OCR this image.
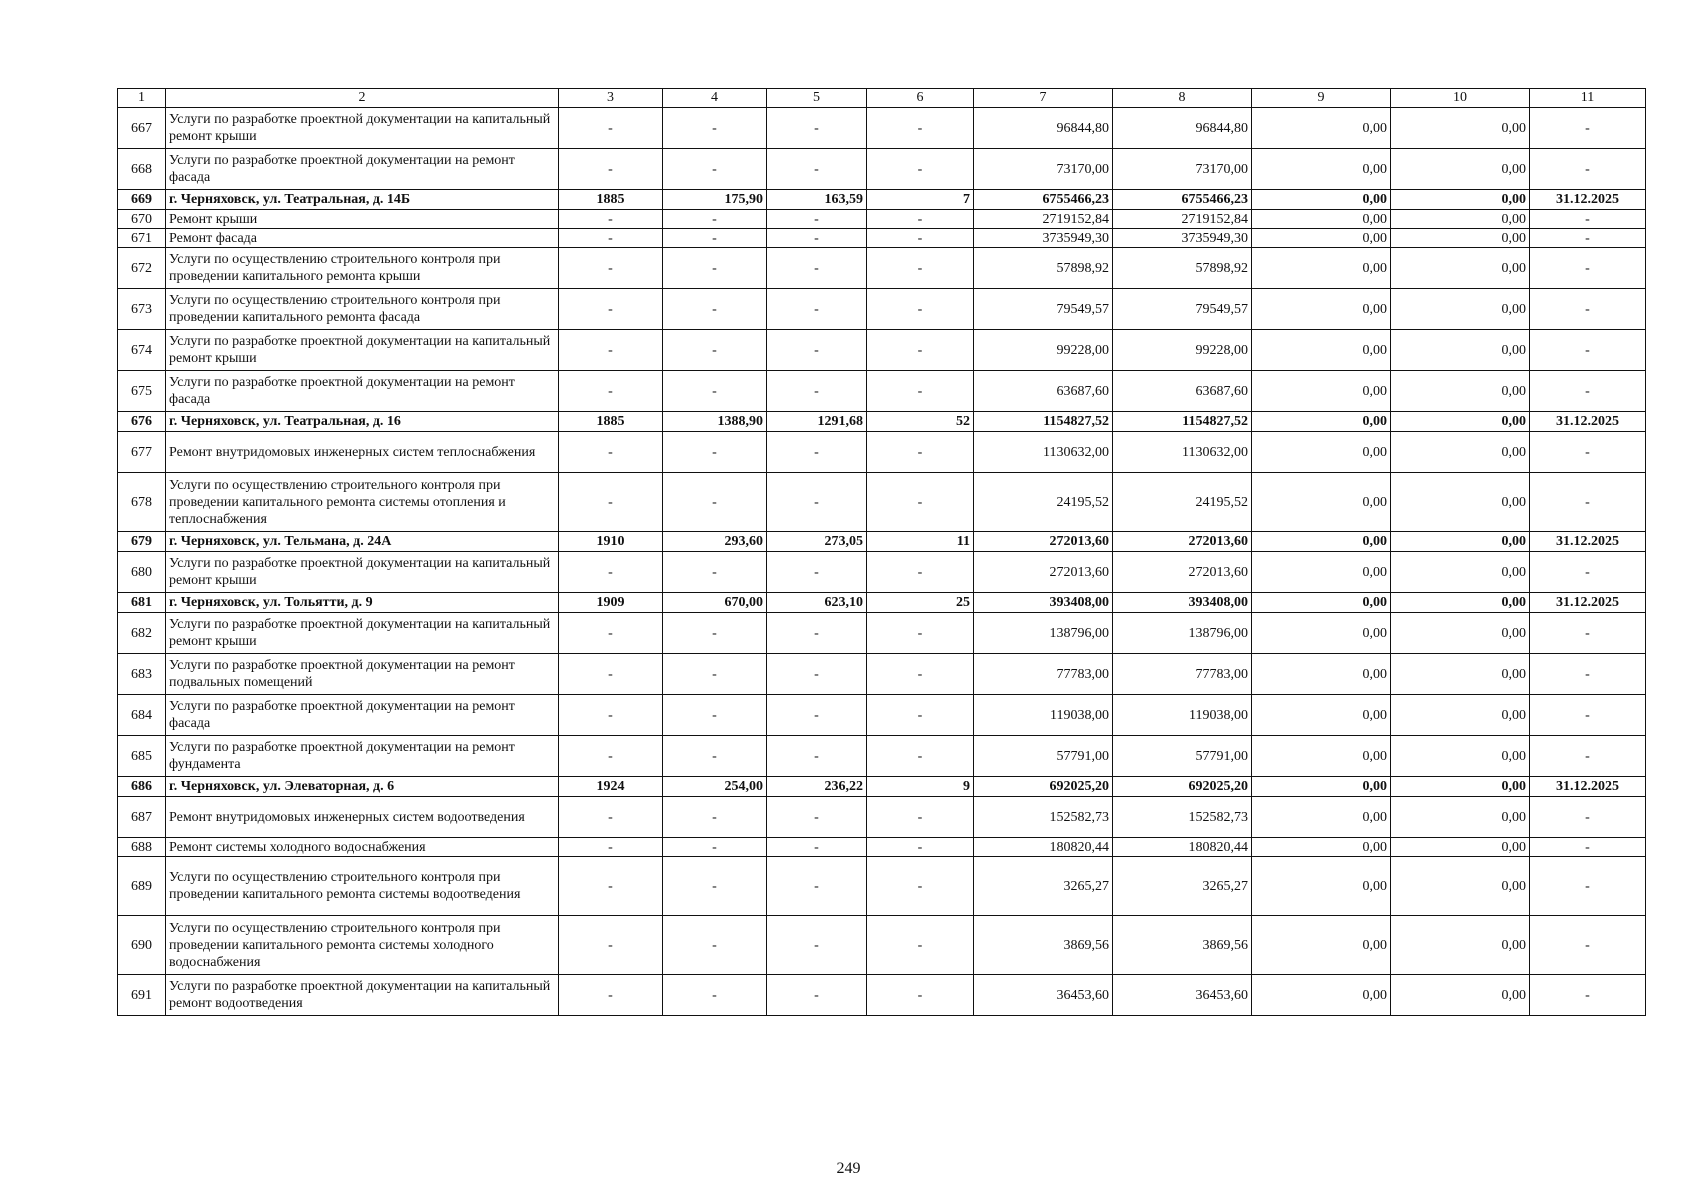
1	2	3	4	5	6	7	8	9	10	11
667	Услуги по разработке проектной документации на капитальный ремонт крыши	-	-	-	-	96844,80	96844,80	0,00	0,00	-
668	Услуги по разработке проектной документации на ремонт фасада	-	-	-	-	73170,00	73170,00	0,00	0,00	-
669	г. Черняховск, ул. Театральная, д. 14Б	1885	175,90	163,59	7	6755466,23	6755466,23	0,00	0,00	31.12.2025
670	Ремонт крыши	-	-	-	-	2719152,84	2719152,84	0,00	0,00	-
671	Ремонт фасада	-	-	-	-	3735949,30	3735949,30	0,00	0,00	-
672	Услуги по осуществлению строительного контроля при проведении капитального ремонта крыши	-	-	-	-	57898,92	57898,92	0,00	0,00	-
673	Услуги по осуществлению строительного контроля при проведении капитального ремонта фасада	-	-	-	-	79549,57	79549,57	0,00	0,00	-
674	Услуги по разработке проектной документации на капитальный ремонт крыши	-	-	-	-	99228,00	99228,00	0,00	0,00	-
675	Услуги по разработке проектной документации на ремонт фасада	-	-	-	-	63687,60	63687,60	0,00	0,00	-
676	г. Черняховск, ул. Театральная, д. 16	1885	1388,90	1291,68	52	1154827,52	1154827,52	0,00	0,00	31.12.2025
677	Ремонт внутридомовых инженерных систем теплоснабжения	-	-	-	-	1130632,00	1130632,00	0,00	0,00	-
678	Услуги по осуществлению строительного контроля при проведении капитального ремонта системы отопления и теплоснабжения	-	-	-	-	24195,52	24195,52	0,00	0,00	-
679	г. Черняховск, ул. Тельмана, д. 24А	1910	293,60	273,05	11	272013,60	272013,60	0,00	0,00	31.12.2025
680	Услуги по разработке проектной документации на капитальный ремонт крыши	-	-	-	-	272013,60	272013,60	0,00	0,00	-
681	г. Черняховск, ул. Тольятти, д. 9	1909	670,00	623,10	25	393408,00	393408,00	0,00	0,00	31.12.2025
682	Услуги по разработке проектной документации на капитальный ремонт крыши	-	-	-	-	138796,00	138796,00	0,00	0,00	-
683	Услуги по разработке проектной документации на ремонт подвальных помещений	-	-	-	-	77783,00	77783,00	0,00	0,00	-
684	Услуги по разработке проектной документации на ремонт фасада	-	-	-	-	119038,00	119038,00	0,00	0,00	-
685	Услуги по разработке проектной документации на ремонт фундамента	-	-	-	-	57791,00	57791,00	0,00	0,00	-
686	г. Черняховск, ул. Элеваторная, д. 6	1924	254,00	236,22	9	692025,20	692025,20	0,00	0,00	31.12.2025
687	Ремонт внутридомовых инженерных систем водоотведения	-	-	-	-	152582,73	152582,73	0,00	0,00	-
688	Ремонт системы холодного водоснабжения	-	-	-	-	180820,44	180820,44	0,00	0,00	-
689	Услуги по осуществлению строительного контроля при проведении капитального ремонта системы водоотведения	-	-	-	-	3265,27	3265,27	0,00	0,00	-
690	Услуги по осуществлению строительного контроля при проведении капитального ремонта системы холодного водоснабжения	-	-	-	-	3869,56	3869,56	0,00	0,00	-
691	Услуги по разработке проектной документации на капитальный ремонт водоотведения	-	-	-	-	36453,60	36453,60	0,00	0,00	-
249
